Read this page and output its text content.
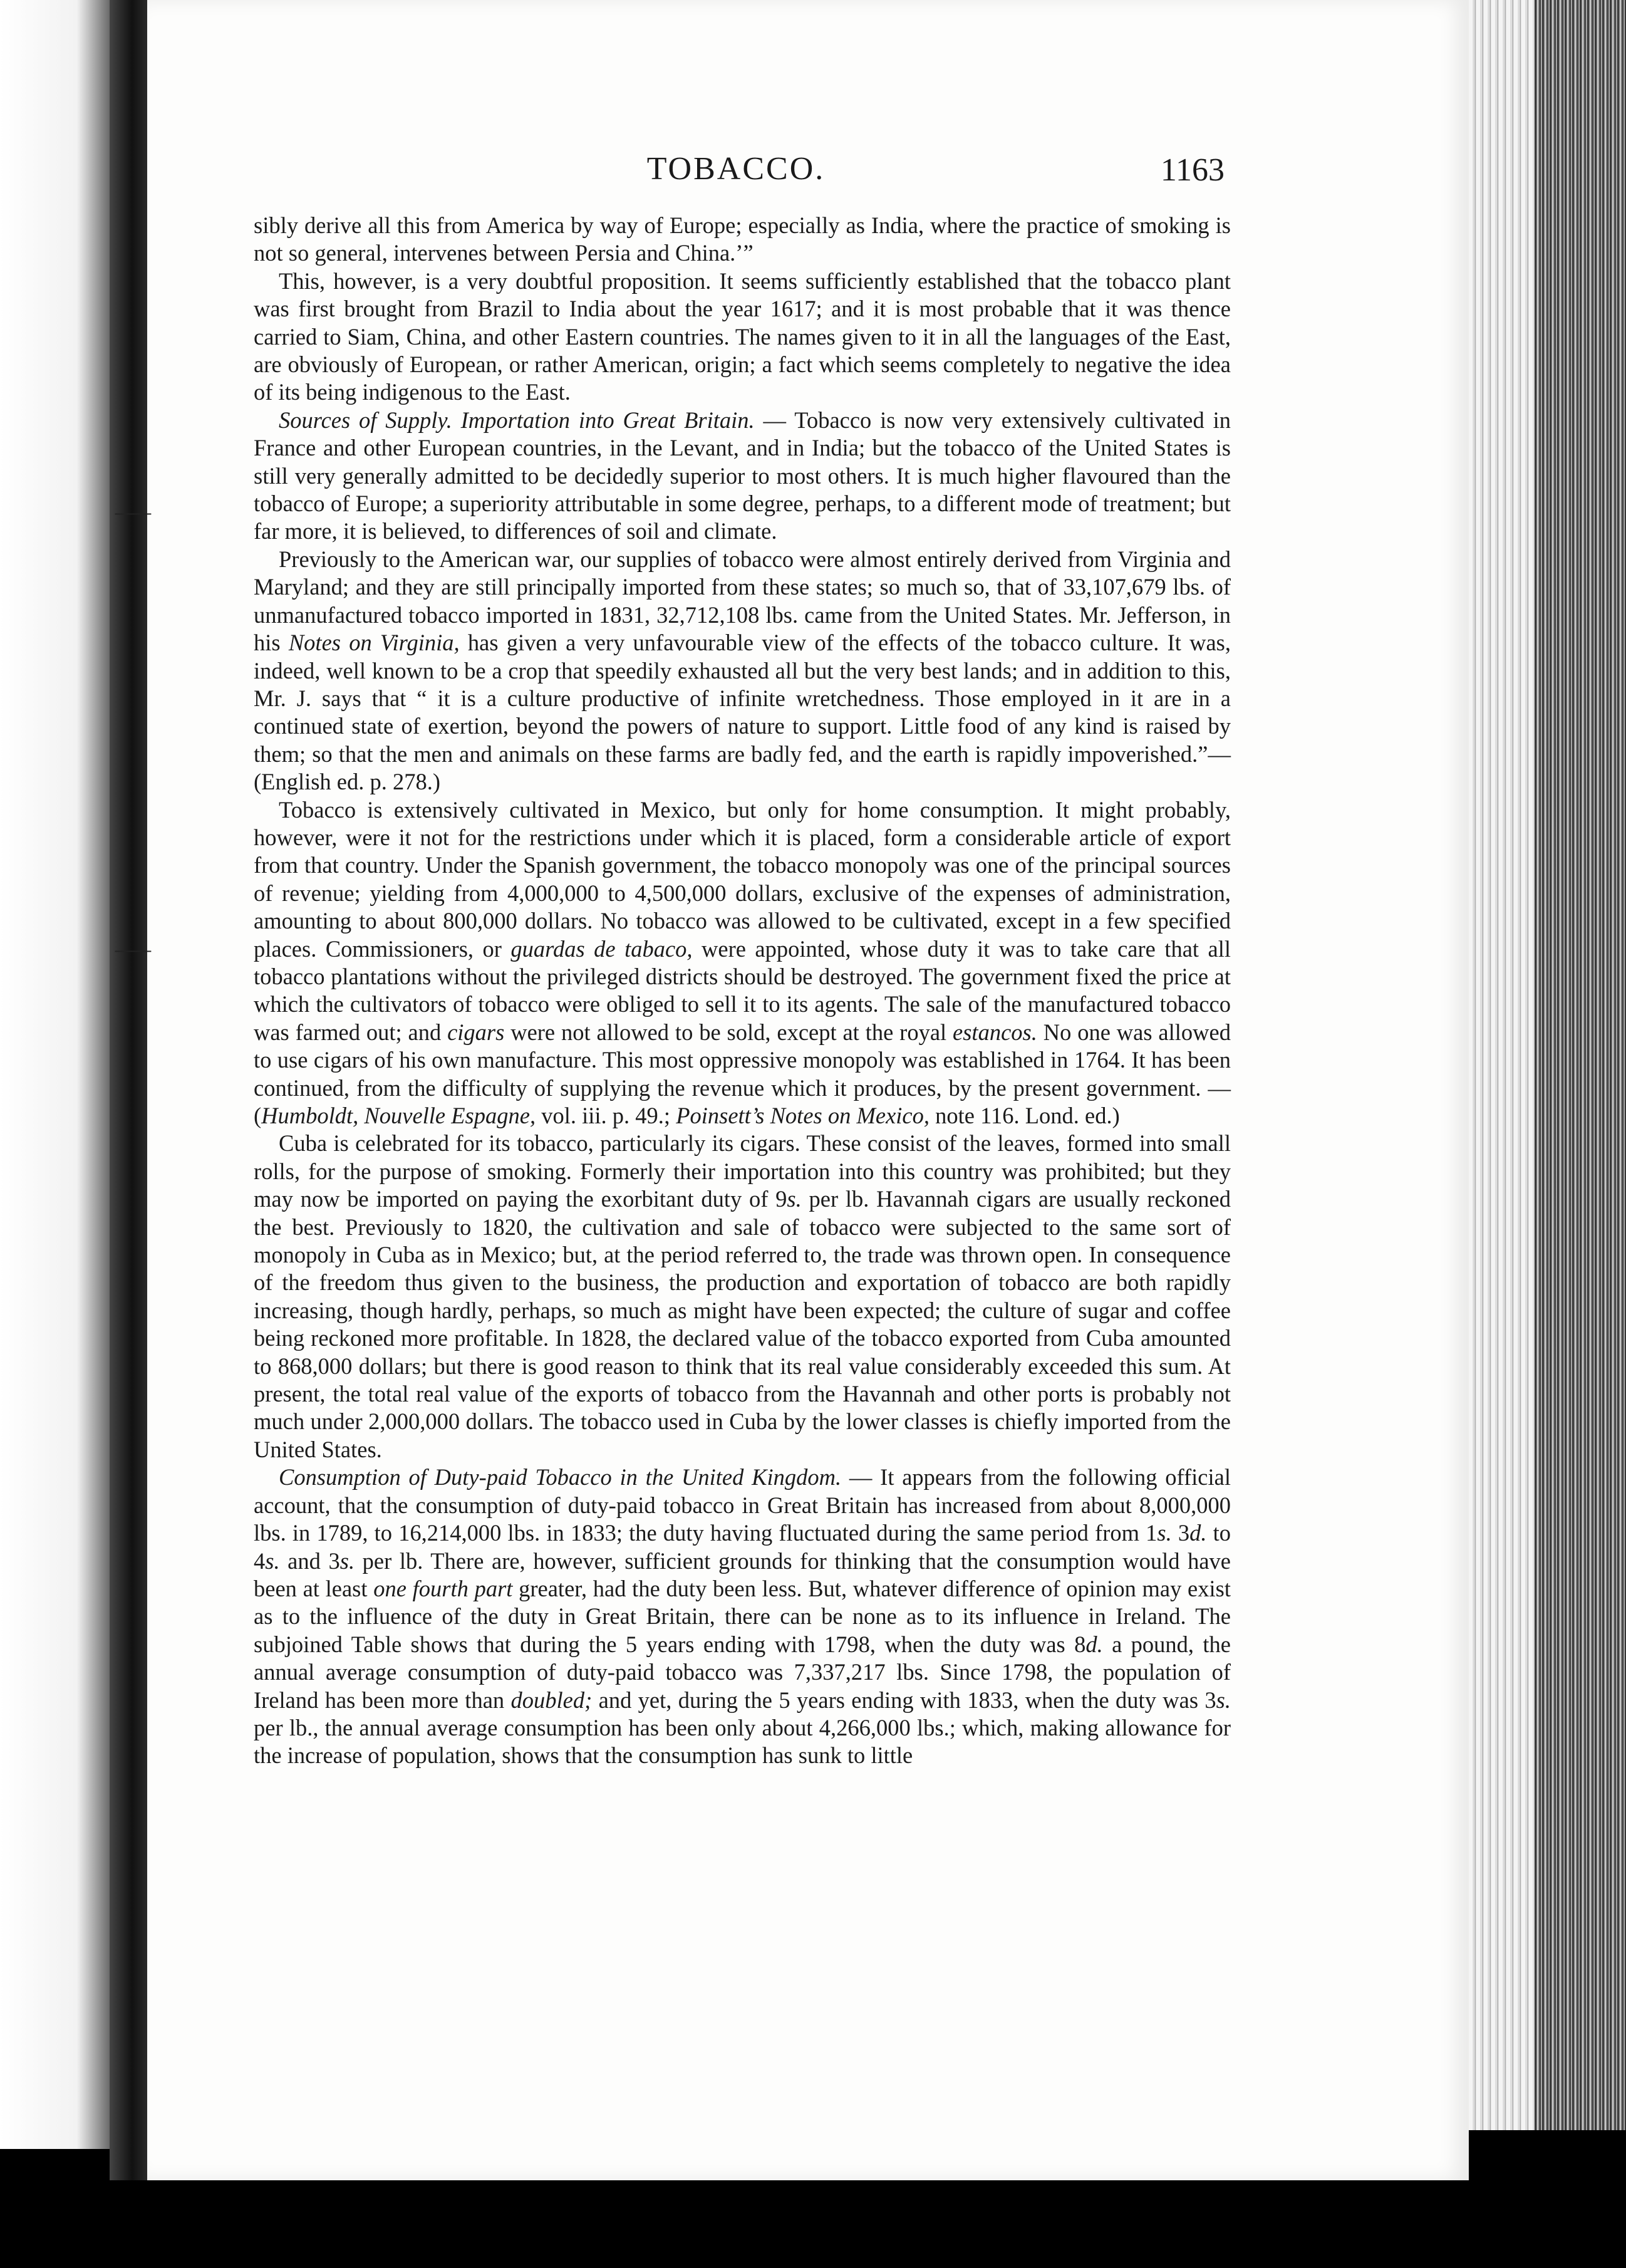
TOBACCO.	1163
⸺
⸺

sibly derive all this from America by way of Europe; especially as India, where the practice of smoking is not so general, intervenes between Persia and China.’”

This, however, is a very doubtful proposition. It seems sufficiently established that the tobacco plant was first brought from Brazil to India about the year 1617; and it is most probable that it was thence carried to Siam, China, and other Eastern countries. The names given to it in all the languages of the East, are obviously of European, or rather American, origin; a fact which seems completely to negative the idea of its being indigenous to the East.

Sources of Supply. Importation into Great Britain. — Tobacco is now very extensively cultivated in France and other European countries, in the Levant, and in India; but the tobacco of the United States is still very generally admitted to be decidedly superior to most others. It is much higher flavoured than the tobacco of Europe; a superiority attributable in some degree, perhaps, to a different mode of treatment; but far more, it is believed, to differences of soil and climate.

Previously to the American war, our supplies of tobacco were almost entirely derived from Virginia and Maryland; and they are still principally imported from these states; so much so, that of 33,107,679 lbs. of unmanufactured tobacco imported in 1831, 32,712,108 lbs. came from the United States. Mr. Jefferson, in his Notes on Virginia, has given a very unfavourable view of the effects of the tobacco culture. It was, indeed, well known to be a crop that speedily exhausted all but the very best lands; and in addition to this, Mr. J. says that “ it is a culture productive of infinite wretchedness. Those employed in it are in a continued state of exertion, beyond the powers of nature to support. Little food of any kind is raised by them; so that the men and animals on these farms are badly fed, and the earth is rapidly impoverished.”— (English ed. p. 278.)

Tobacco is extensively cultivated in Mexico, but only for home consumption. It might probably, however, were it not for the restrictions under which it is placed, form a considerable article of export from that country. Under the Spanish government, the tobacco monopoly was one of the principal sources of revenue; yielding from 4,000,000 to 4,500,000 dollars, exclusive of the expenses of administration, amounting to about 800,000 dollars. No tobacco was allowed to be cultivated, except in a few specified places. Commissioners, or guardas de tabaco, were appointed, whose duty it was to take care that all tobacco plantations without the privileged districts should be destroyed. The government fixed the price at which the cultivators of tobacco were obliged to sell it to its agents. The sale of the manufactured tobacco was farmed out; and cigars were not allowed to be sold, except at the royal estancos. No one was allowed to use cigars of his own manufacture. This most oppressive monopoly was established in 1764. It has been continued, from the difficulty of supplying the revenue which it produces, by the present government. — (Humboldt, Nouvelle Espagne, vol. iii. p. 49.; Poinsett’s Notes on Mexico, note 116. Lond. ed.)

Cuba is celebrated for its tobacco, particularly its cigars. These consist of the leaves, formed into small rolls, for the purpose of smoking. Formerly their importation into this country was prohibited; but they may now be imported on paying the exorbitant duty of 9s. per lb. Havannah cigars are usually reckoned the best. Previously to 1820, the cultivation and sale of tobacco were subjected to the same sort of monopoly in Cuba as in Mexico; but, at the period referred to, the trade was thrown open. In consequence of the freedom thus given to the business, the production and exportation of tobacco are both rapidly increasing, though hardly, perhaps, so much as might have been expected; the culture of sugar and coffee being reckoned more profitable. In 1828, the declared value of the tobacco exported from Cuba amounted to 868,000 dollars; but there is good reason to think that its real value considerably exceeded this sum. At present, the total real value of the exports of tobacco from the Havannah and other ports is probably not much under 2,000,000 dollars. The tobacco used in Cuba by the lower classes is chiefly imported from the United States.

Consumption of Duty-paid Tobacco in the United Kingdom. — It appears from the following official account, that the consumption of duty-paid tobacco in Great Britain has increased from about 8,000,000 lbs. in 1789, to 16,214,000 lbs. in 1833; the duty having fluctuated during the same period from 1s. 3d. to 4s. and 3s. per lb. There are, however, sufficient grounds for thinking that the consumption would have been at least one fourth part greater, had the duty been less. But, whatever difference of opinion may exist as to the influence of the duty in Great Britain, there can be none as to its influence in Ireland. The subjoined Table shows that during the 5 years ending with 1798, when the duty was 8d. a pound, the annual average consumption of duty-paid tobacco was 7,337,217 lbs. Since 1798, the population of Ireland has been more than doubled; and yet, during the 5 years ending with 1833, when the duty was 3s. per lb., the annual average consumption has been only about 4,266,000 lbs.; which, making allowance for the increase of population, shows that the consumption has sunk to little
